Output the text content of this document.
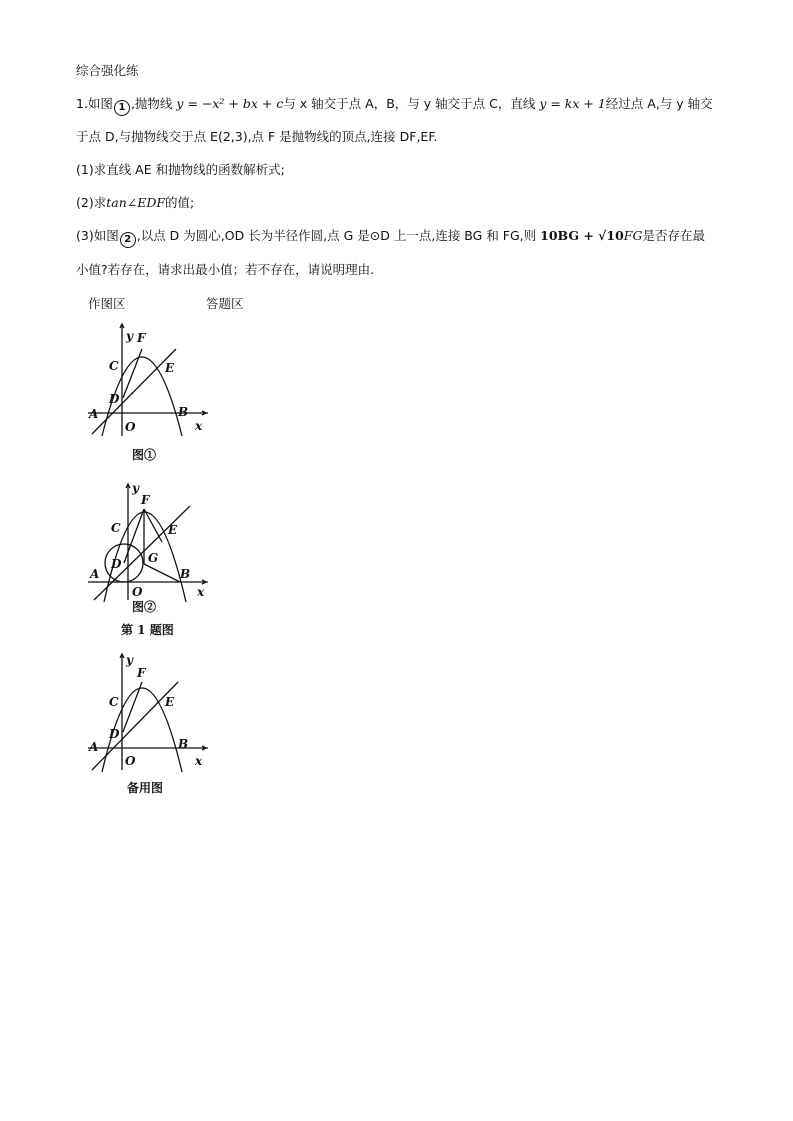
综合强化练
1.如图 1 ,抛物线 y = −x² + bx + c与 x 轴交于点 A，B，与 y 轴交于点 C，直线 y = kx + 1经过点 A,与 y 轴交
于点 D,与抛物线交于点 E(2,3),点 F 是抛物线的顶点,连接 DF,EF.
(1)求直线 AE 和抛物线的函数解析式;
(2)求tan∠EDF的值;
(3)如图 2 ,以点 D 为圆心,OD 长为半径作圆,点 G 是⊙D 上一点,连接 BG 和 FG,则 10BG + √10FG是否存在最
小值?若存在，请求出最小值；若不存在，请说明理由.
作图区	答题区
y
x
O
A	B
C
D
E
F
图①
y
x
O
A	B
C
D
E
F
G
图②
第 1 题图
y
x
O
A	B
C
D
E
F
备用图
